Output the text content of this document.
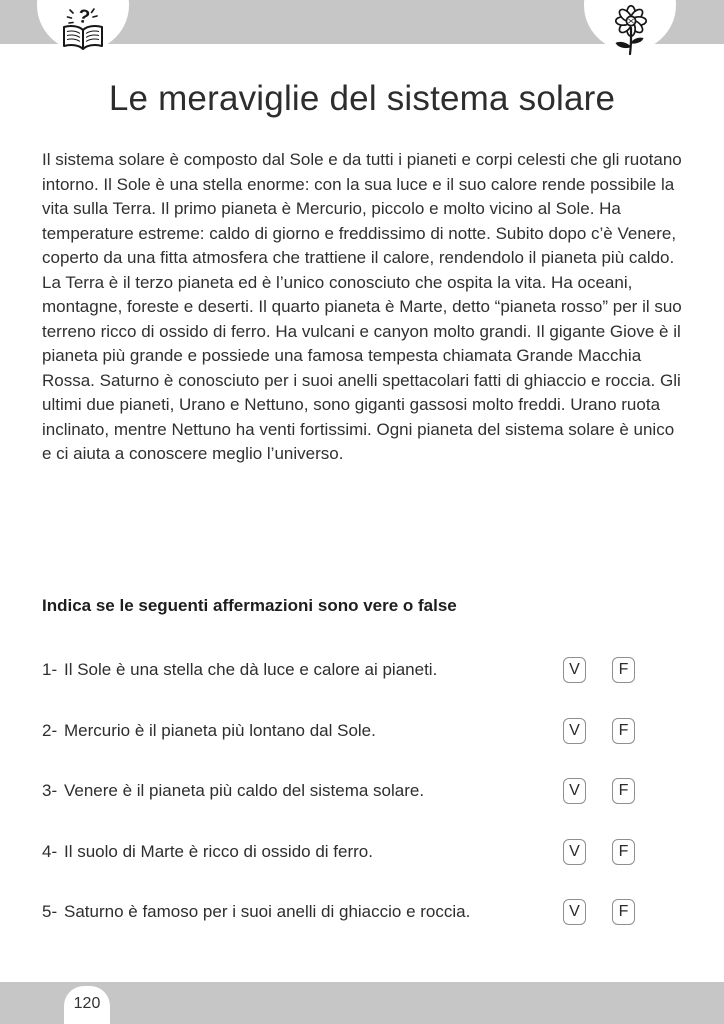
?
Le meraviglie del sistema solare

Il sistema solare è composto dal Sole e da tutti i pianeti e corpi celesti che gli ruotano intorno. Il Sole è una stella enorme: con la sua luce e il suo calore rende possibile la vita sulla Terra. Il primo pianeta è Mercurio, piccolo e molto vicino al Sole. Ha temperature estreme: caldo di giorno e freddissimo di notte. Subito dopo c’è Venere, coperto da una fitta atmosfera che trattiene il calore, rendendolo il pianeta più caldo. La Terra è il terzo pianeta ed è l’unico conosciuto che ospita la vita. Ha oceani, montagne, foreste e deserti. Il quarto pianeta è Marte, detto “pianeta rosso” per il suo terreno ricco di ossido di ferro. Ha vulcani e canyon molto grandi. Il gigante Giove è il pianeta più grande e possiede una famosa tempesta chiamata Grande Macchia Rossa. Saturno è conosciuto per i suoi anelli spettacolari fatti di ghiaccio e roccia. Gli ultimi due pianeti, Urano e Nettuno, sono giganti gassosi molto freddi. Urano ruota inclinato, mentre Nettuno ha venti fortissimi. Ogni pianeta del sistema solare è unico e ci aiuta a conoscere meglio l’universo.

Indica se le seguenti affermazioni sono vere o false
1- Il Sole è una stella che dà luce e calore ai pianeti.	V	F
2- Mercurio è il pianeta più lontano dal Sole.	V	F
3- Venere è il pianeta più caldo del sistema solare.	V	F
4- Il suolo di Marte è ricco di ossido di ferro.	V	F
5- Saturno è famoso per i suoi anelli di ghiaccio e roccia.	V	F
120
